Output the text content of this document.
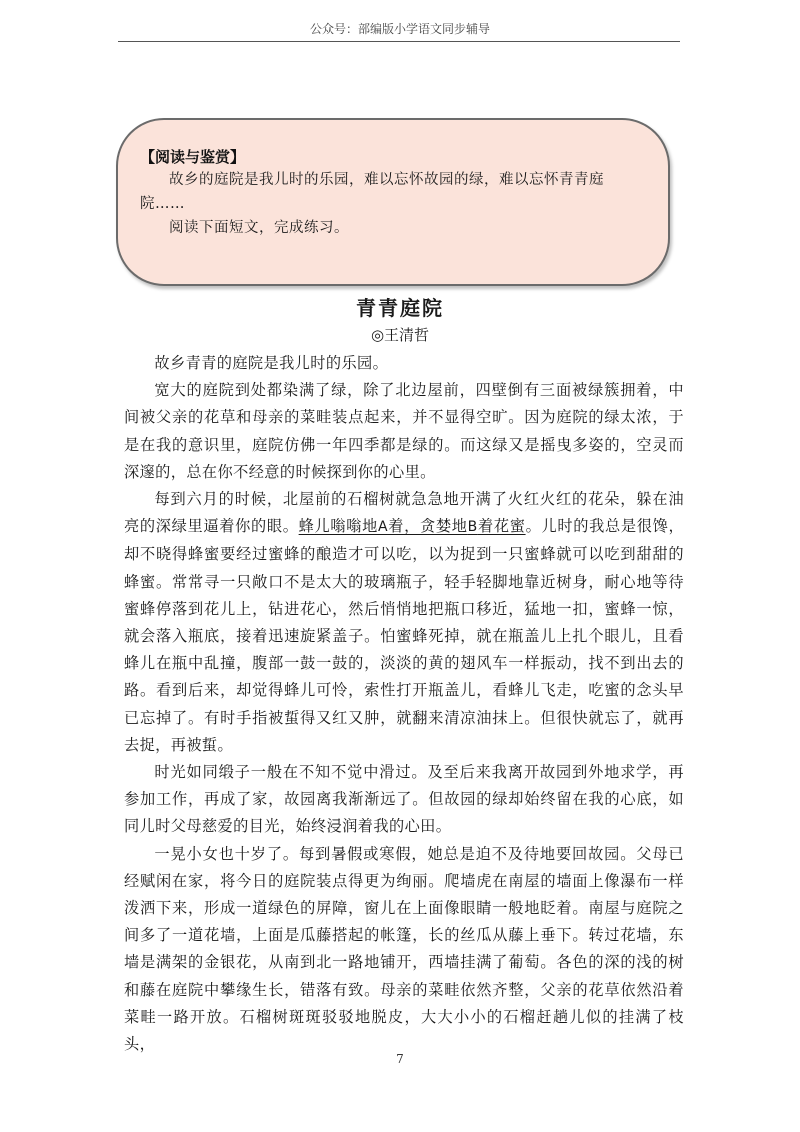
公众号：部编版小学语文同步辅导
【阅读与鉴赏】
故乡的庭院是我儿时的乐园，难以忘怀故园的绿，难以忘怀青青庭院……
阅读下面短文，完成练习。
青青庭院
◎王清哲

故乡青青的庭院是我儿时的乐园。

宽大的庭院到处都染满了绿，除了北边屋前，四壁倒有三面被绿簇拥着，中间被父亲的花草和母亲的菜畦装点起来，并不显得空旷。因为庭院的绿太浓，于是在我的意识里，庭院仿佛一年四季都是绿的。而这绿又是摇曳多姿的，空灵而深邃的，总在你不经意的时候探到你的心里。

每到六月的时候，北屋前的石榴树就急急地开满了火红火红的花朵，躲在油亮的深绿里逼着你的眼。蜂儿嗡嗡地A着，贪婪地B着花蜜。儿时的我总是很馋，却不晓得蜂蜜要经过蜜蜂的酿造才可以吃，以为捉到一只蜜蜂就可以吃到甜甜的蜂蜜。常常寻一只敞口不是太大的玻璃瓶子，轻手轻脚地靠近树身，耐心地等待蜜蜂停落到花儿上，钻进花心，然后悄悄地把瓶口移近，猛地一扣，蜜蜂一惊，就会落入瓶底，接着迅速旋紧盖子。怕蜜蜂死掉，就在瓶盖儿上扎个眼儿，且看蜂儿在瓶中乱撞，腹部一鼓一鼓的，淡淡的黄的翅风车一样振动，找不到出去的路。看到后来，却觉得蜂儿可怜，索性打开瓶盖儿，看蜂儿飞走，吃蜜的念头早已忘掉了。有时手指被蜇得又红又肿，就翻来清凉油抹上。但很快就忘了，就再去捉，再被蜇。

时光如同缎子一般在不知不觉中滑过。及至后来我离开故园到外地求学，再参加工作，再成了家，故园离我渐渐远了。但故园的绿却始终留在我的心底，如同儿时父母慈爱的目光，始终浸润着我的心田。

一晃小女也十岁了。每到暑假或寒假，她总是迫不及待地要回故园。父母已经赋闲在家，将今日的庭院装点得更为绚丽。爬墙虎在南屋的墙面上像瀑布一样泼洒下来，形成一道绿色的屏障，窗儿在上面像眼睛一般地眨着。南屋与庭院之间多了一道花墙，上面是瓜藤搭起的帐篷，长的丝瓜从藤上垂下。转过花墙，东墙是满架的金银花，从南到北一路地铺开，西墙挂满了葡萄。各色的深的浅的树和藤在庭院中攀缘生长，错落有致。母亲的菜畦依然齐整，父亲的花草依然沿着菜畦一路开放。石榴树斑斑驳驳地脱皮，大大小小的石榴赶趟儿似的挂满了枝头，

7
